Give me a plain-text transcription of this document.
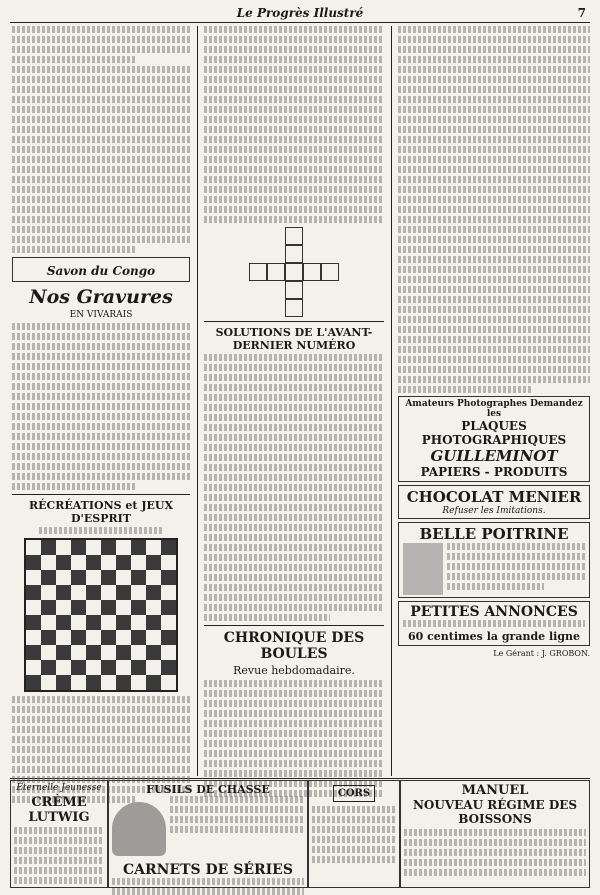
Le Progrès Illustré	7
Savon du Congo
Nos Gravures
EN VIVARAIS
RÉCRÉATIONS et JEUX D'ESPRIT
SOLUTIONS DE L'AVANT-DERNIER NUMÉRO
CHRONIQUE DES BOULES
Revue hebdomadaire.
Amateurs Photographes Demandez les
PLAQUES PHOTOGRAPHIQUES
GUILLEMINOT
PAPIERS - PRODUITS
CHOCOLAT MENIER
Refuser les Imitations.
BELLE POITRINE
PETITES ANNONCES
60 centimes la grande ligne
Le Gérant : J. GROBON.
Éternelle Jeunesse
CRÈME LUTWIG
FUSILS DE CHASSE
CARNETS DE SÉRIES
CORS	MANUEL
NOUVEAU RÉGIME DES BOISSONS
